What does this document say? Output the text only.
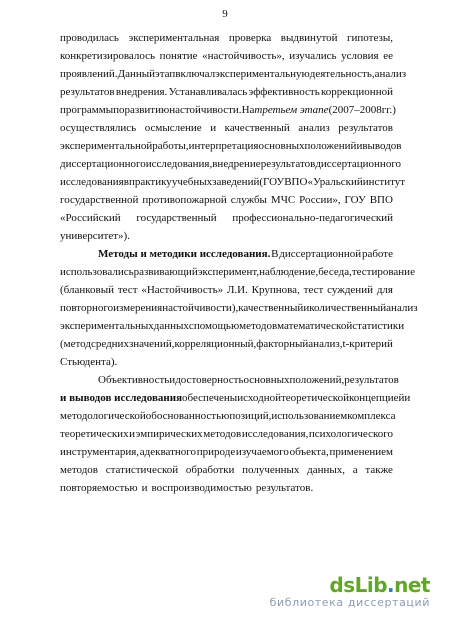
9
проводилась экспериментальная проверка выдвинутой гипотезы,
конкретизировалось понятие «настойчивость», изучались условия ее
проявлений. Данный этап включал экспериментальную деятельность, анализ
результатов внедрения. Устанавливалась эффективность коррекционной
программы по развитию настойчивости. На третьем этапе (2007–2008 гг.)
осуществлялись осмысление и качественный анализ результатов
экспериментальной работы, интерпретация основных положений и выводов
диссертационного исследования, внедрение результатов диссертационного
исследования в практику учебных заведений (ГОУ ВПО «Уральский институт
государственной противопожарной службы МЧС России», ГОУ ВПО
«Российский государственный профессионально-педагогический
университет»).
Методы и методики исследования. В диссертационной работе
использовались развивающий эксперимент, наблюдение, беседа, тестирование
(бланковый тест «Настойчивость» Л.И. Крупнова, тест суждений для
повторного измерения настойчивости), качественный и количественный анализ
экспериментальных данных с помощью методов математической статистики
(метод средних значений, корреляционный, факторный анализ, t-критерий
Стьюдента).
Объективность и достоверность основных положений, результатов
и выводов исследования обеспечены исходной теоретической концепцией и
методологической обоснованностью позиций, использованием комплекса
теоретических и эмпирических методов исследования, психологического
инструментария, адекватного природе изучаемого объекта, применением
методов статистической обработки полученных данных, а также
повторяемостью и воспроизводимостью результатов.
dsLib . net
библиотека диссертаций
